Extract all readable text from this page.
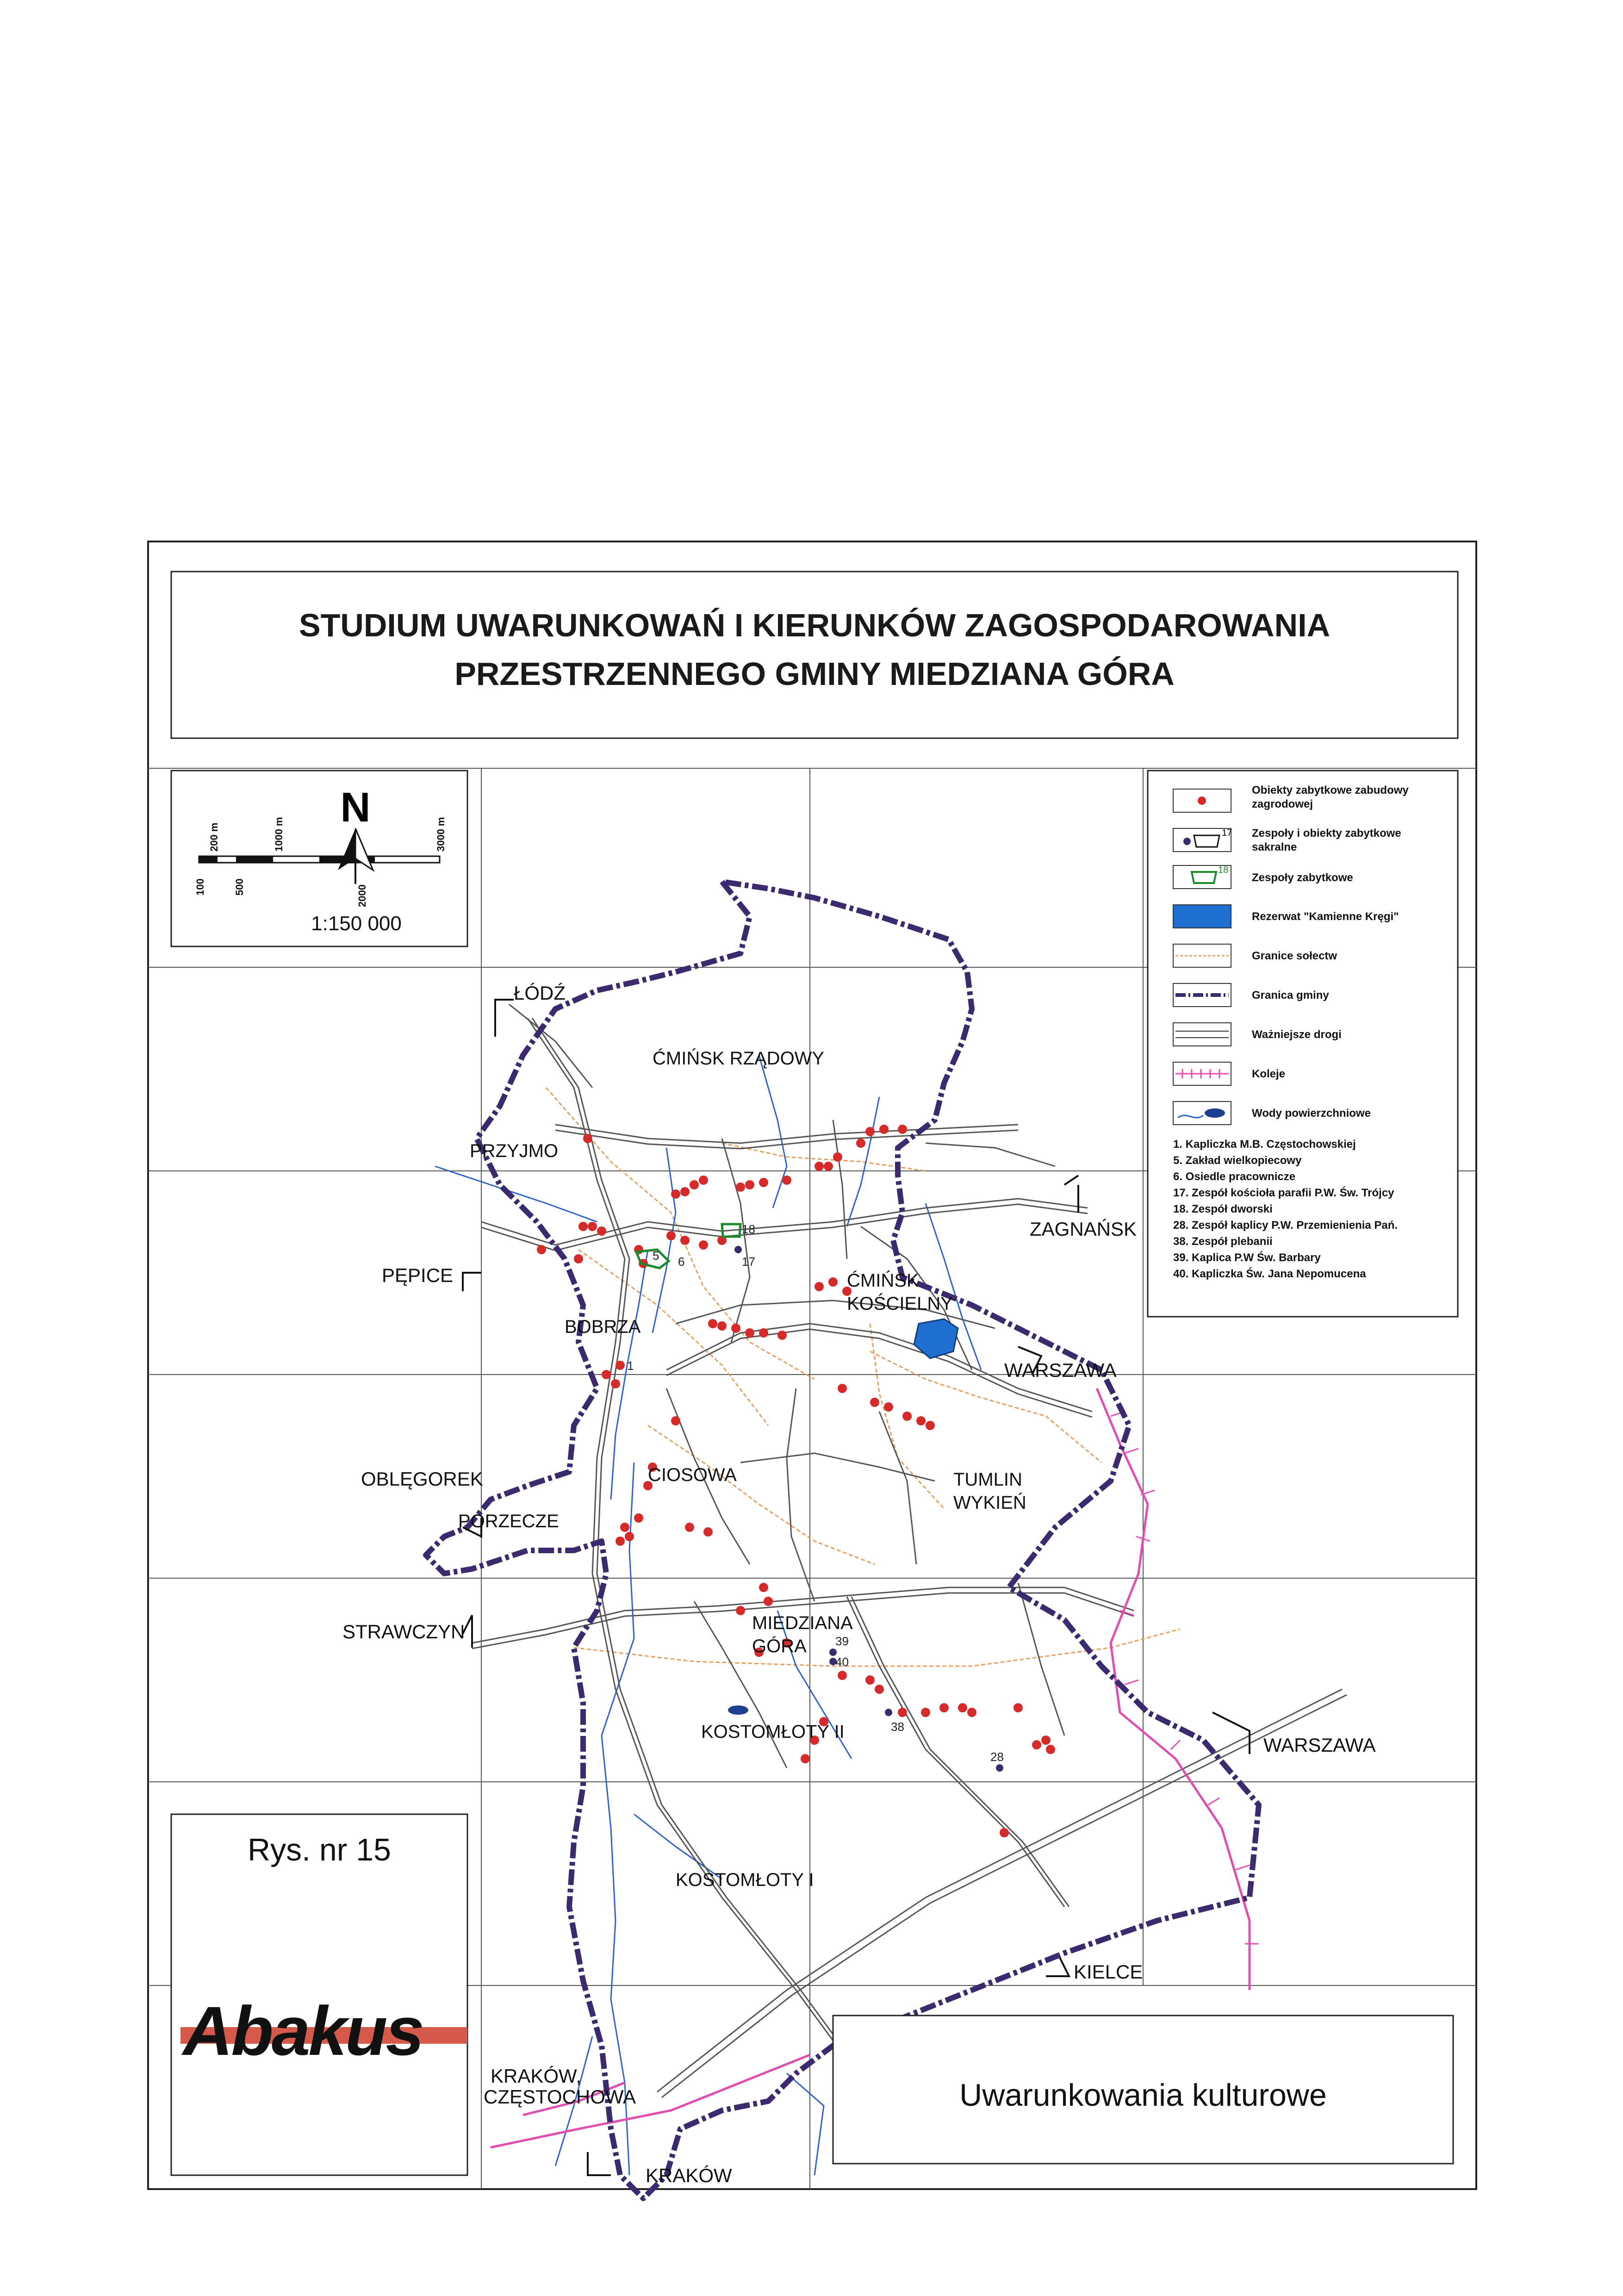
STUDIUM UWARUNKOWAŃ I KIERUNKÓW ZAGOSPODAROWANIA
PRZESTRZENNEGO GMINY MIEDZIANA GÓRA
200 m	1000 m	3000 m
100	500	2000
N
1:150 000
17
18
Obiekty zabytkowe zabudowy
zagrodowej
Zespoły i obiekty zabytkowe
sakralne
Zespoły zabytkowe
Rezerwat "Kamienne Kręgi"
Granice sołectw
Granica gminy
Ważniejsze drogi
Koleje
Wody powierzchniowe
1. Kapliczka M.B. Częstochowskiej
5. Zakład wielkopiecowy
6. Osiedle pracownicze
17. Zespół kościoła parafii P.W. Św. Trójcy
18. Zespół dworski
28. Zespół kaplicy P.W. Przemienienia Pań.
38. Zespół plebanii
39. Kaplica P.W Św. Barbary
40. Kapliczka Św. Jana Nepomucena
1
5 6	17
18
28
38
39
40
ĆMIŃSK RZĄDOWY
PRZYJMO
ĆMIŃSK
KOŚCIELNY
BOBRZA
CIOSOWA
PORZECZE
TUMLIN
WYKIEŃ
MIEDZIANA
GÓRA
KOSTOMŁOTY II
KOSTOMŁOTY I
ŁÓDŹ
ZAGNAŃSK
PĘPICE
WARSZAWA
OBLĘGOREK
STRAWCZYN
WARSZAWA
KIELCE
KRAKÓW,
CZĘSTOCHOWA
KRAKÓW
Rys. nr 15
Abakus
Uwarunkowania kulturowe
